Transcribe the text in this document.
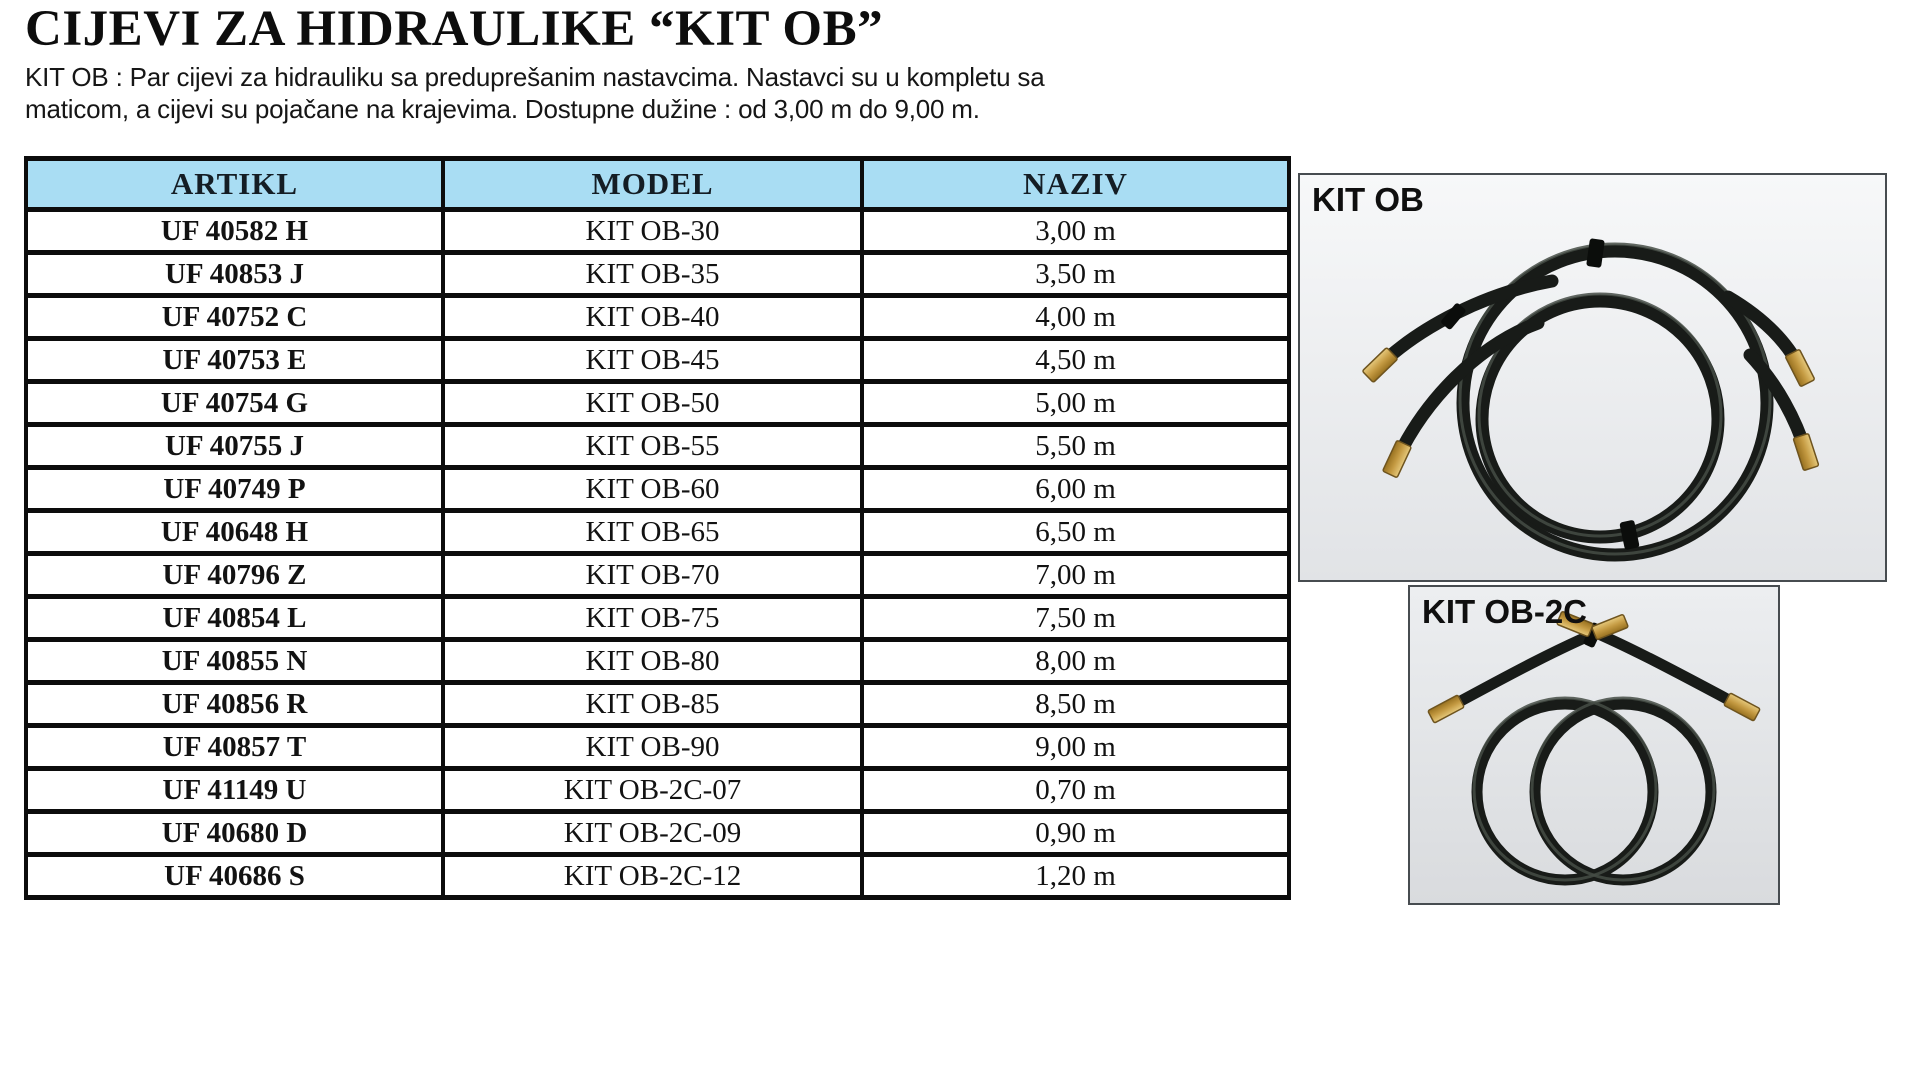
CIJEVI ZA HIDRAULIKE “KIT OB”

KIT OB : Par cijevi za hidrauliku sa preduprešanim nastavcima. Nastavci su u kompletu sa

maticom, a cijevi su pojačane na krajevima. Dostupne dužine : od 3,00 m do 9,00 m.

ARTIKL	MODEL	NAZIV
UF 40582 H	KIT OB-30	3,00 m
UF 40853 J	KIT OB-35	3,50 m
UF 40752 C	KIT OB-40	4,00 m
UF 40753 E	KIT OB-45	4,50 m
UF 40754 G	KIT OB-50	5,00 m
UF 40755 J	KIT OB-55	5,50 m
UF 40749 P	KIT OB-60	6,00 m
UF 40648 H	KIT OB-65	6,50 m
UF 40796 Z	KIT OB-70	7,00 m
UF 40854 L	KIT OB-75	7,50 m
UF 40855 N	KIT OB-80	8,00 m
UF 40856 R	KIT OB-85	8,50 m
UF 40857 T	KIT OB-90	9,00 m
UF 41149 U	KIT OB-2C-07	0,70 m
UF 40680 D	KIT OB-2C-09	0,90 m
UF 40686 S	KIT OB-2C-12	1,20 m
KIT OB
KIT OB-2C
